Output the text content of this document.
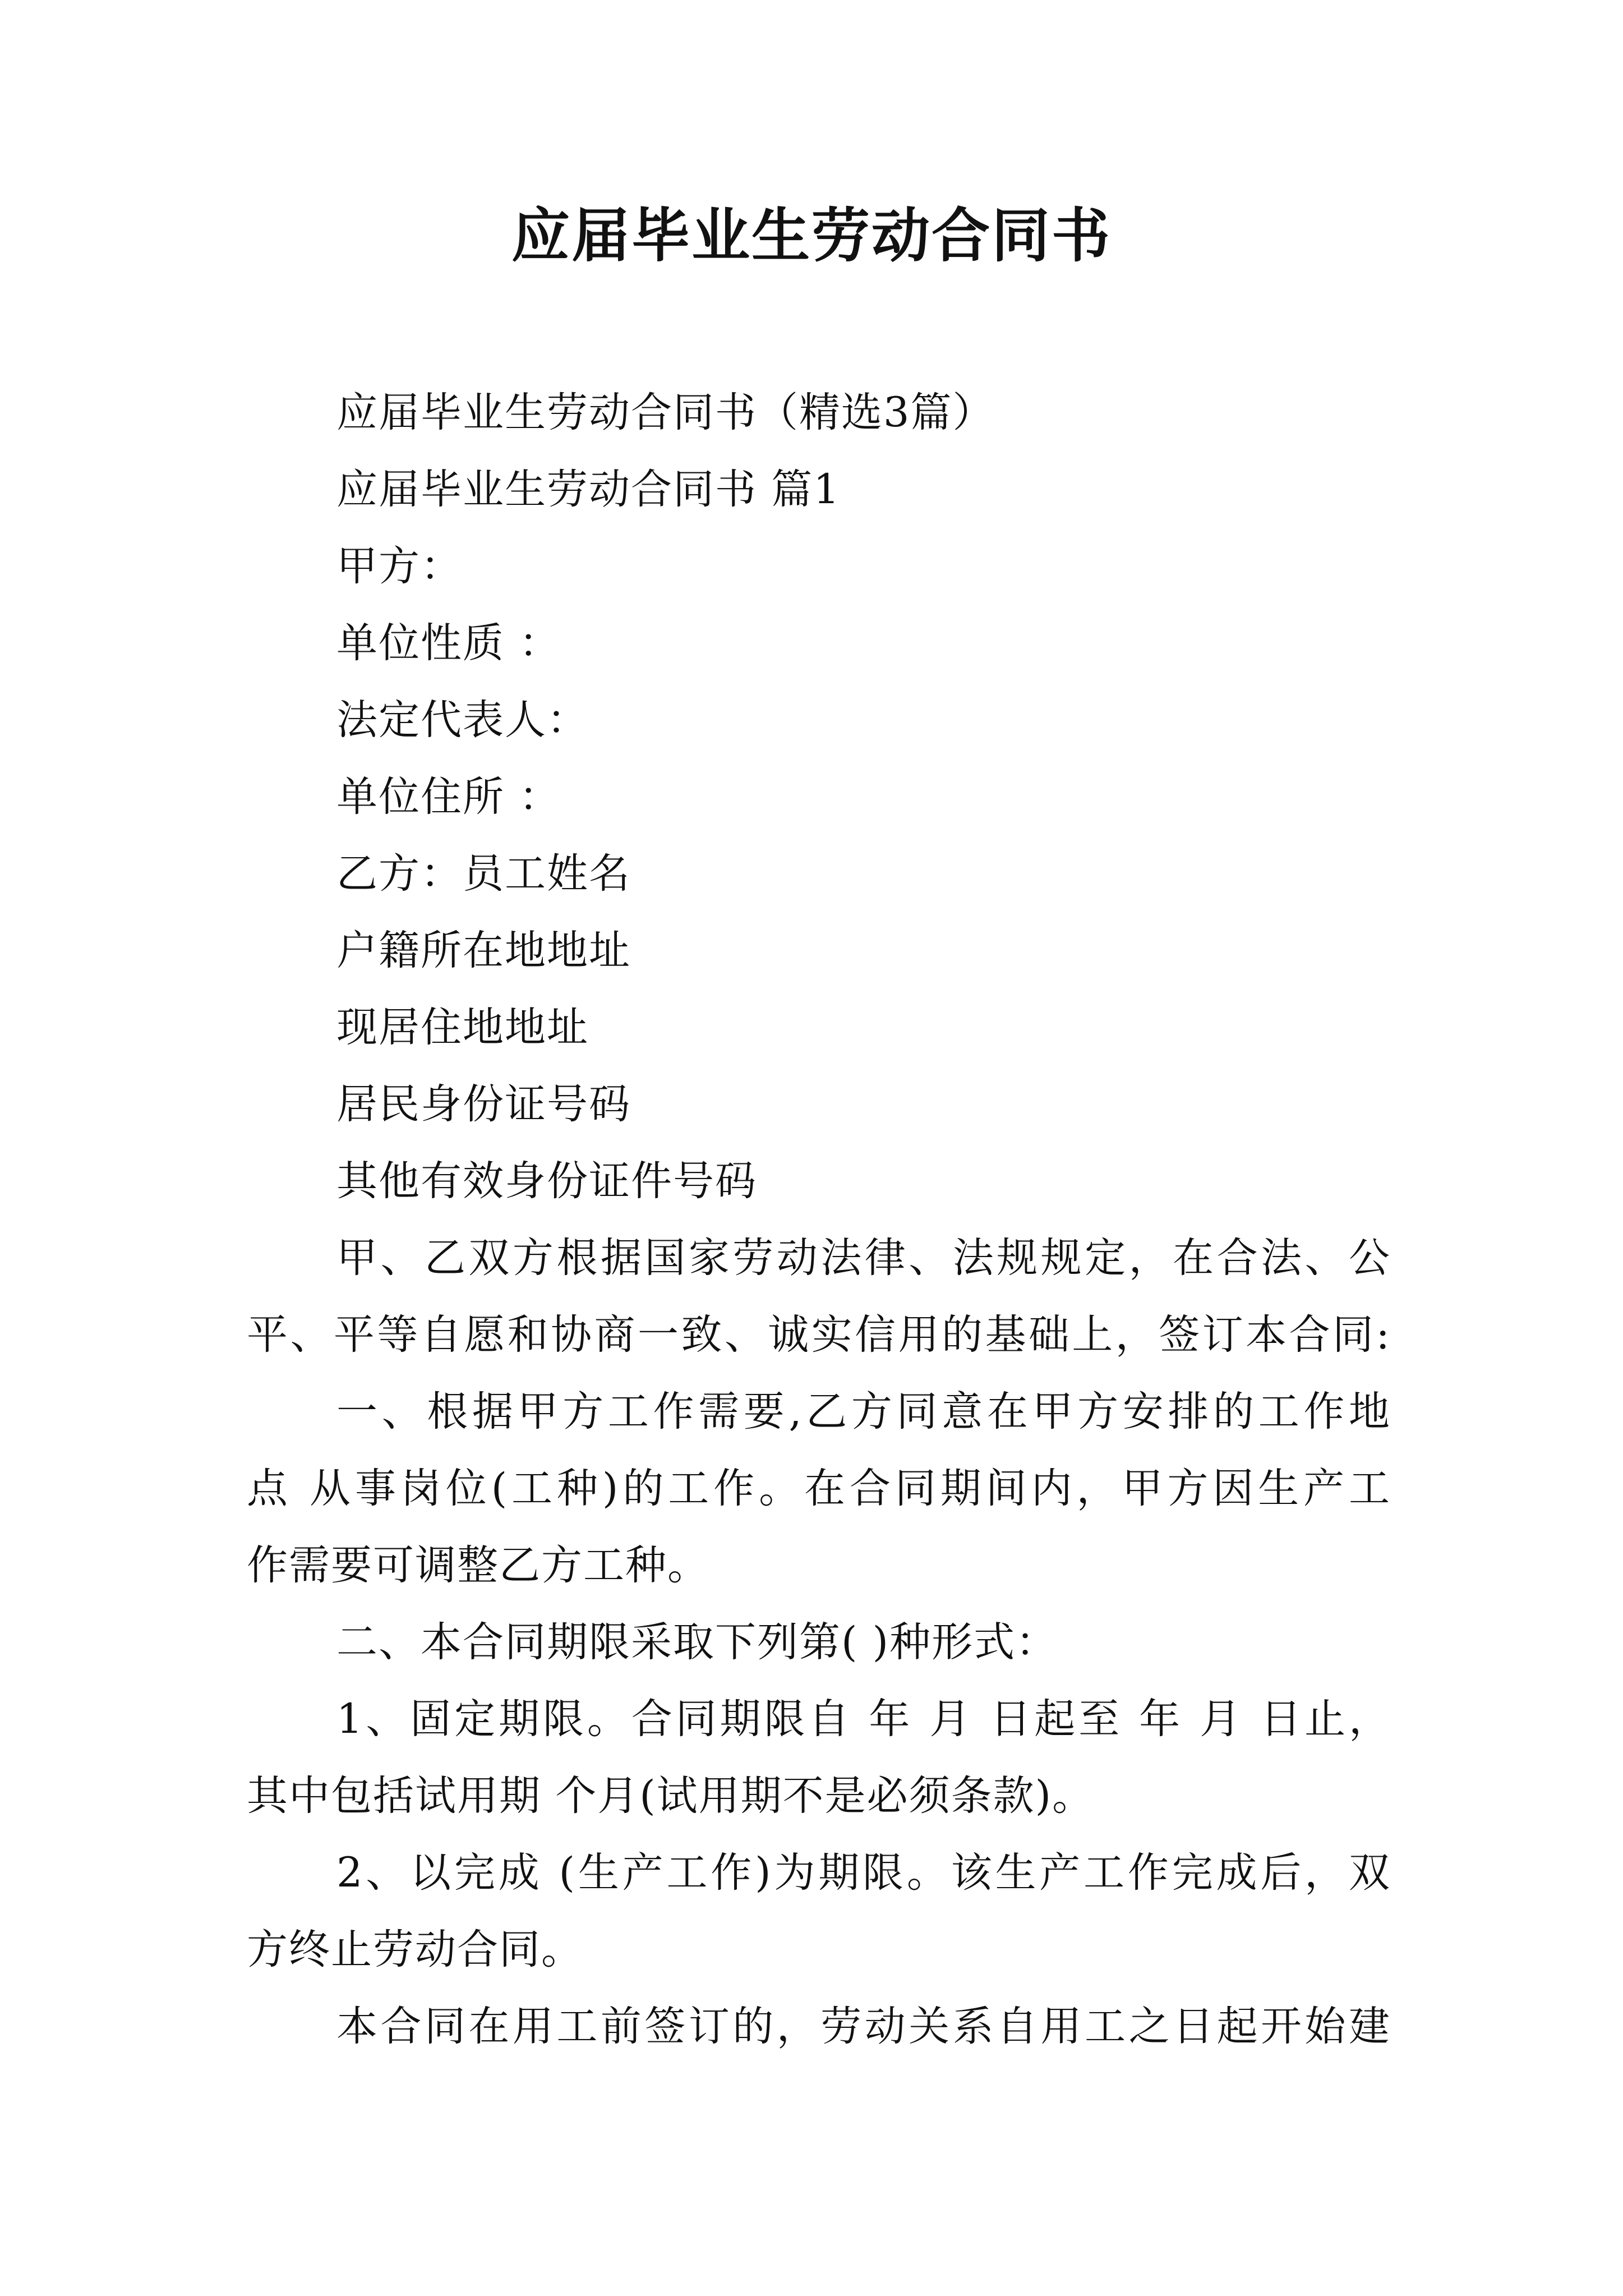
应届毕业生劳动合同书
应届毕业生劳动合同书（精选3篇）
应届毕业生劳动合同书 篇1
甲方：
单位性质 ：
法定代表人：
单位住所 ：
乙方：员工姓名
户籍所在地地址
现居住地地址
居民身份证号码
其他有效身份证件号码
甲、乙双方根据国家劳动法律、法规规定，在合法、公
平、平等自愿和协商一致、诚实信用的基础上，签订本合同:
一、根据甲方工作需要,乙方同意在甲方安排的工作地
点 从事岗位(工种)的工作。在合同期间内，甲方因生产工
作需要可调整乙方工种。
二、本合同期限采取下列第( )种形式：
1、固定期限。合同期限自 年 月 日起至 年 月 日止，
其中包括试用期 个月(试用期不是必须条款)。
2、以完成 (生产工作)为期限。该生产工作完成后，双
方终止劳动合同。
本合同在用工前签订的，劳动关系自用工之日起开始建
